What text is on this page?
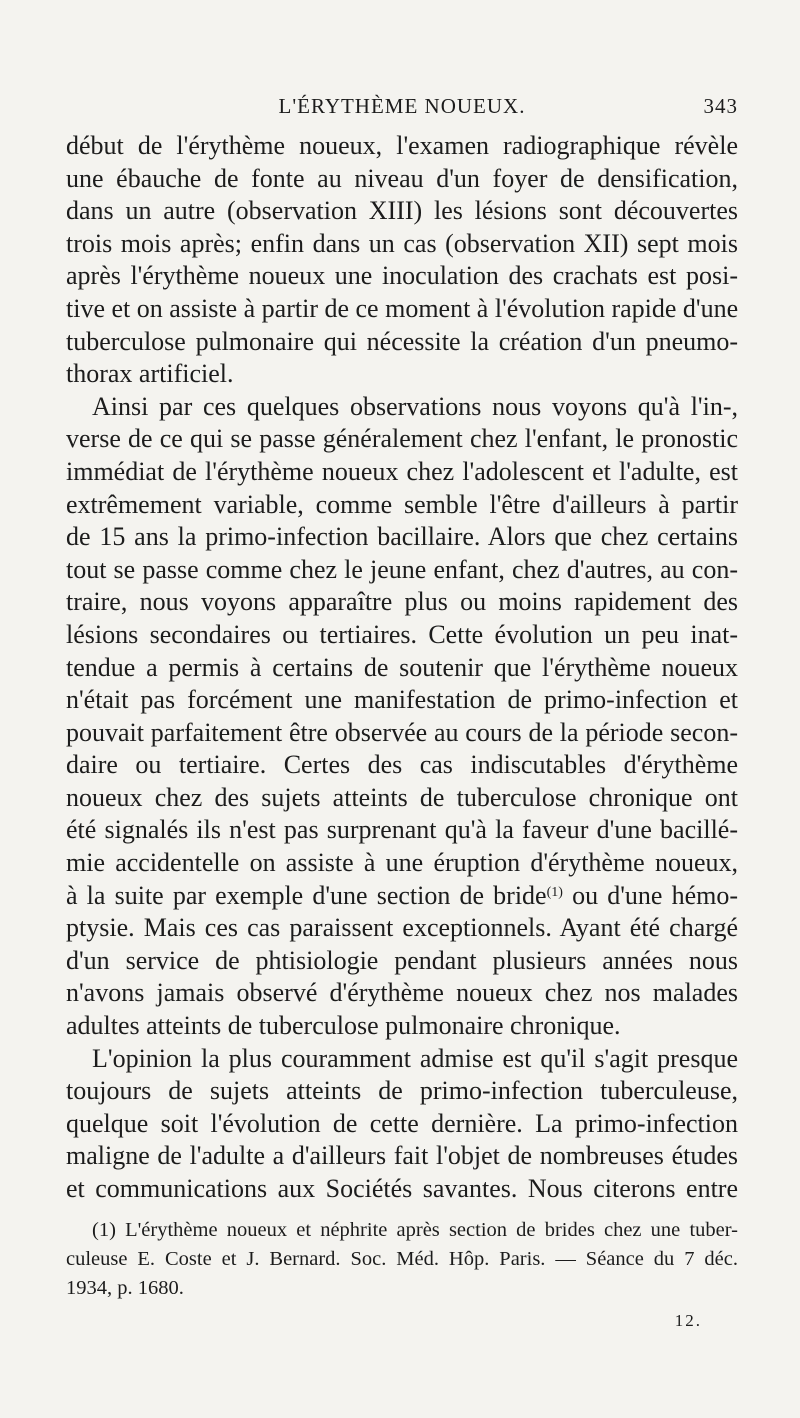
L'ÉRYTHÈME NOUEUX.	343
début de l'érythème noueux, l'examen radiographique révèle
une ébauche de fonte au niveau d'un foyer de densification,
dans un autre (observation XIII) les lésions sont découvertes
trois mois après; enfin dans un cas (observation XII) sept mois
après l'érythème noueux une inoculation des crachats est posi-
tive et on assiste à partir de ce moment à l'évolution rapide d'une
tuberculose pulmonaire qui nécessite la création d'un pneumo-
thorax artificiel.
Ainsi par ces quelques observations nous voyons qu'à l'in-,
verse de ce qui se passe généralement chez l'enfant, le pronostic
immédiat de l'érythème noueux chez l'adolescent et l'adulte, est
extrêmement variable, comme semble l'être d'ailleurs à partir
de 15 ans la primo-infection bacillaire. Alors que chez certains
tout se passe comme chez le jeune enfant, chez d'autres, au con-
traire, nous voyons apparaître plus ou moins rapidement des
lésions secondaires ou tertiaires. Cette évolution un peu inat-
tendue a permis à certains de soutenir que l'érythème noueux
n'était pas forcément une manifestation de primo-infection et
pouvait parfaitement être observée au cours de la période secon-
daire ou tertiaire. Certes des cas indiscutables d'érythème
noueux chez des sujets atteints de tuberculose chronique ont
été signalés ils n'est pas surprenant qu'à la faveur d'une bacillé-
mie accidentelle on assiste à une éruption d'érythème noueux,
à la suite par exemple d'une section de bride$^{(1)}$ ou d'une hémo-
ptysie. Mais ces cas paraissent exceptionnels. Ayant été chargé
d'un service de phtisiologie pendant plusieurs années nous
n'avons jamais observé d'érythème noueux chez nos malades
adultes atteints de tuberculose pulmonaire chronique.
L'opinion la plus couramment admise est qu'il s'agit presque
toujours de sujets atteints de primo-infection tuberculeuse,
quelque soit l'évolution de cette dernière. La primo-infection
maligne de l'adulte a d'ailleurs fait l'objet de nombreuses études
et communications aux Sociétés savantes. Nous citerons entre
(1) L'érythème noueux et néphrite après section de brides chez une tuber-
culeuse E. Coste et J. Bernard. Soc. Méd. Hôp. Paris. — Séance du 7 déc.
1934, p. 1680.
12.
